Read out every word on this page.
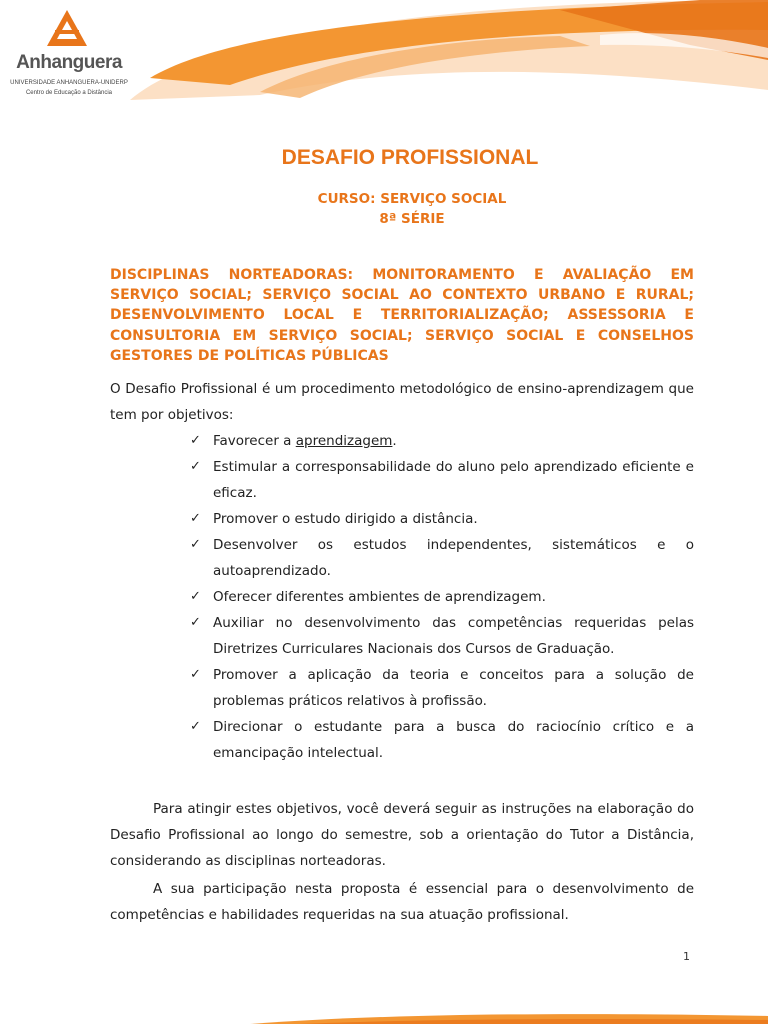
Anhanguera
UNIVERSIDADE ANHANGUERA-UNIDERP
Centro de Educação a Distância
DESAFIO PROFISSIONAL
CURSO: SERVIÇO SOCIAL
8ª SÉRIE
DISCIPLINAS NORTEADORAS: MONITORAMENTO E AVALIAÇÃO EM SERVIÇO SOCIAL; SERVIÇO SOCIAL AO CONTEXTO URBANO E RURAL; DESENVOLVIMENTO LOCAL E TERRITORIALIZAÇÃO; ASSESSORIA E CONSULTORIA EM SERVIÇO SOCIAL; SERVIÇO SOCIAL E CONSELHOS GESTORES DE POLÍTICAS PÚBLICAS
O Desafio Profissional é um procedimento metodológico de ensino-aprendizagem que tem por objetivos:
✓ Favorecer a aprendizagem.
✓ Estimular a corresponsabilidade do aluno pelo aprendizado eficiente e eficaz.
✓ Promover o estudo dirigido a distância.
✓ Desenvolver os estudos independentes, sistemáticos e o autoaprendizado.
✓ Oferecer diferentes ambientes de aprendizagem.
✓ Auxiliar no desenvolvimento das competências requeridas pelas Diretrizes Curriculares Nacionais dos Cursos de Graduação.
✓ Promover a aplicação da teoria e conceitos para a solução de problemas práticos relativos à profissão.
✓ Direcionar o estudante para a busca do raciocínio crítico e a emancipação intelectual.
Para atingir estes objetivos, você deverá seguir as instruções na elaboração do Desafio Profissional ao longo do semestre, sob a orientação do Tutor a Distância, considerando as disciplinas norteadoras.
A sua participação nesta proposta é essencial para o desenvolvimento de competências e habilidades requeridas na sua atuação profissional.
1
